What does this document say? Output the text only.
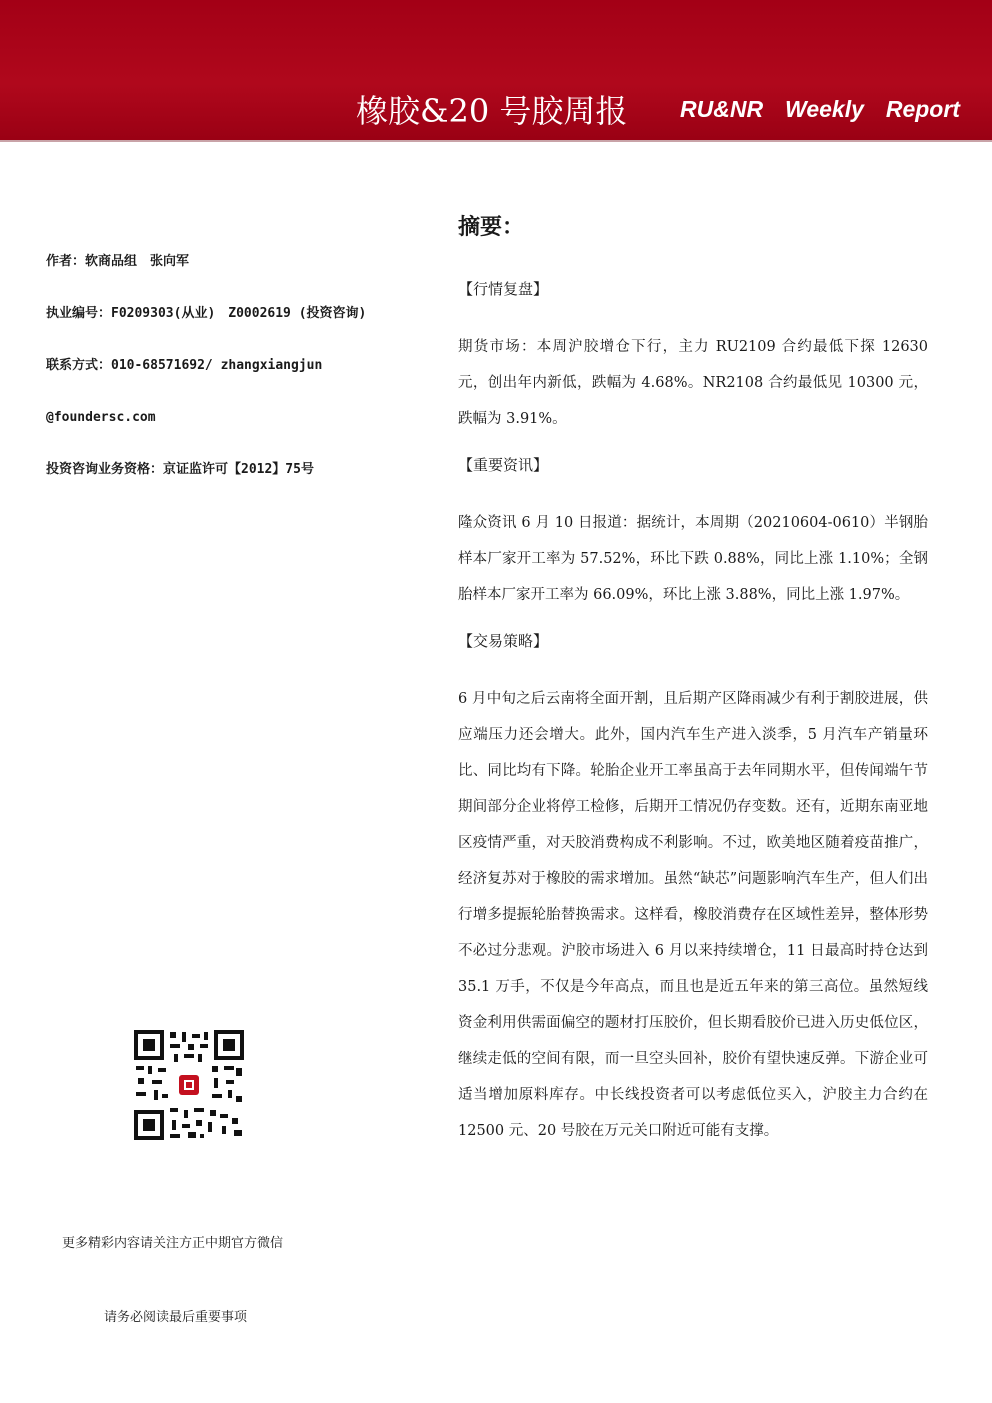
橡胶&20 号胶周报 RU&NR Weekly Report
作者：软商品组　张向军
执业编号：F0209303(从业)　Z0002619 (投资咨询)
联系方式：010-68571692/ zhangxiangjun
@foundersc.com
投资咨询业务资格：京证监许可【2012】75号
更多精彩内容请关注方正中期官方微信
请务必阅读最后重要事项
摘要：
【行情复盘】

期货市场：本周沪胶增仓下行，主力 RU2109 合约最低下探 12630 元，创出年内新低，跌幅为 4.68%。NR2108 合约最低见 10300 元，跌幅为 3.91%。

【重要资讯】

隆众资讯 6 月 10 日报道：据统计，本周期（20210604-0610）半钢胎样本厂家开工率为 57.52%，环比下跌 0.88%，同比上涨 1.10%；全钢胎样本厂家开工率为 66.09%，环比上涨 3.88%，同比上涨 1.97%。

【交易策略】

6 月中旬之后云南将全面开割，且后期产区降雨减少有利于割胶进展，供应端压力还会增大。此外，国内汽车生产进入淡季，5 月汽车产销量环比、同比均有下降。轮胎企业开工率虽高于去年同期水平，但传闻端午节期间部分企业将停工检修，后期开工情况仍存变数。还有，近期东南亚地区疫情严重，对天胶消费构成不利影响。不过，欧美地区随着疫苗推广，经济复苏对于橡胶的需求增加。虽然“缺芯”问题影响汽车生产，但人们出行增多提振轮胎替换需求。这样看，橡胶消费存在区域性差异，整体形势不必过分悲观。沪胶市场进入 6 月以来持续增仓，11 日最高时持仓达到 35.1 万手，不仅是今年高点，而且也是近五年来的第三高位。虽然短线资金利用供需面偏空的题材打压胶价，但长期看胶价已进入历史低位区，继续走低的空间有限，而一旦空头回补，胶价有望快速反弹。下游企业可适当增加原料库存。中长线投资者可以考虑低位买入，沪胶主力合约在 12500 元、20 号胶在万元关口附近可能有支撑。
